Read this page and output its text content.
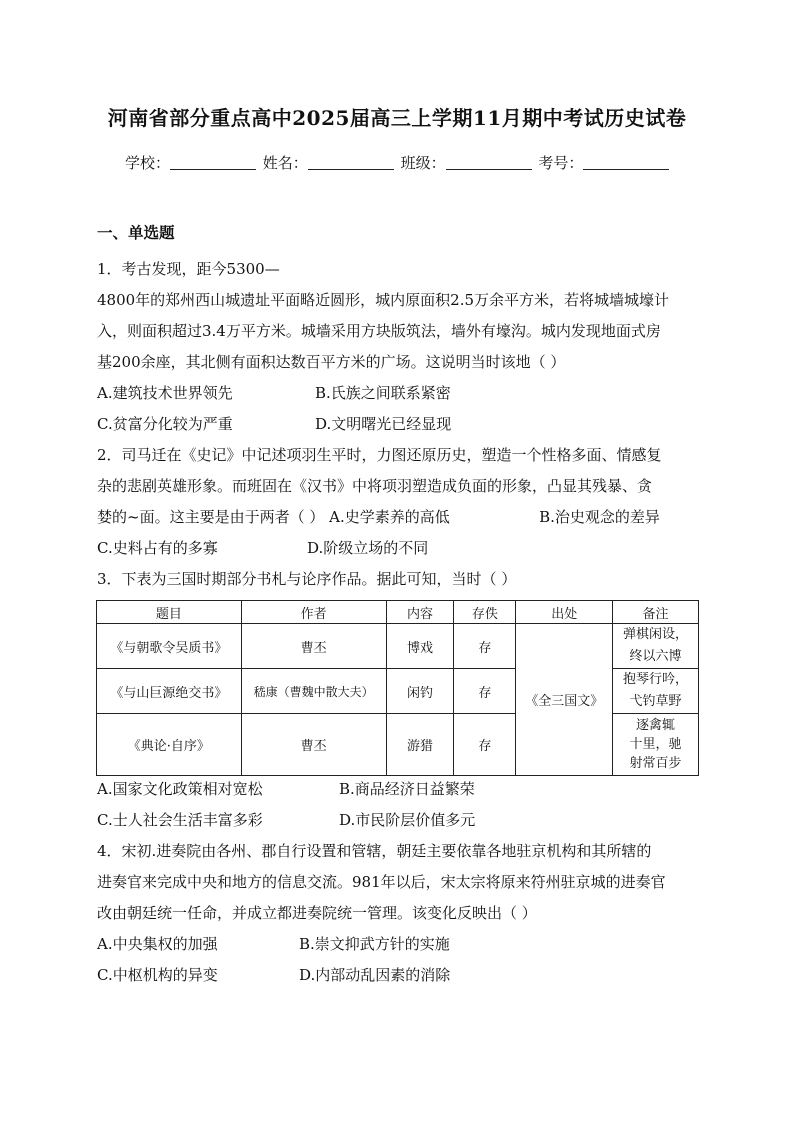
河南省部分重点高中2025届高三上学期11月期中考试历史试卷
学校：	姓名：	班级：	考号：
一、单选题
1．考古发现，距今5300—
4800年的郑州西山城遗址平面略近圆形，城内原面积2.5万余平方米，若将城墙城壕计
入，则面积超过3.4万平方米。城墙采用方块版筑法，墙外有壕沟。城内发现地面式房
基200余座，其北侧有面积达数百平方米的广场。这说明当时该地（ ）
A.建筑技术世界领先	B.氏族之间联系紧密
C.贫富分化较为严重	D.文明曙光已经显现
2．司马迁在《史记》中记述项羽生平时，力图还原历史，塑造一个性格多面、情感复
杂的悲剧英雄形象。而班固在《汉书》中将项羽塑造成负面的形象，凸显其残暴、贪
婪的~面。这主要是由于两者（ ） A.史学素养的高低	B.治史观念的差异
C.史料占有的多寡	D.阶级立场的不同
3．下表为三国时期部分书札与论序作品。据此可知，当时（ ）
题目	作者	内容	存佚	出处	备注
《与朝歌令吴质书》	曹丕	博戏	存	《全三国文》	弹棋闲设，
终以六博

《与山巨源绝交书》	嵇康（曹魏中散大夫）	闲钓	存		抱琴行吟，
弋钓草野

《典论·自序》	曹丕	游猎	存		逐禽辄
十里，驰
射常百步
A.国家文化政策相对宽松	B.商品经济日益繁荣
C.士人社会生活丰富多彩	D.市民阶层价值多元
4．宋初.进奏院由各州、郡自行设置和管辖，朝廷主要依靠各地驻京机构和其所辖的
进奏官来完成中央和地方的信息交流。981年以后，宋太宗将原来符州驻京城的进奏官
改由朝廷统一任命，并成立都进奏院统一管理。该变化反映出（ ）
A.中央集权的加强	B.崇文抑武方针的实施
C.中枢机构的异变	D.内部动乱因素的消除
